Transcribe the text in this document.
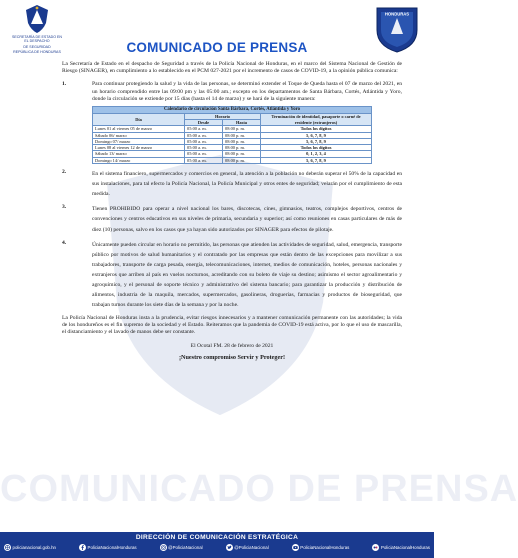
COMUNICADO DE PRENSA
SECRETARÍA DE ESTADO EN EL DESPACHO
DE SEGURIDAD
REPÚBLICA DE HONDURAS
HONDURAS
COMUNICADO DE PRENSA

La Secretaría de Estado en el despacho de Seguridad a través de la Policía Nacional de Honduras, en el marco del Sistema Nacional de Gestión de Riesgo (SINAGER), en cumplimiento a lo establecido en el PCM 027-2021 por el incremento de casos de COVID-19, a la opinión pública comunica:

1.	Para continuar protegiendo la salud y la vida de las personas, se determinó extender el Toque de Queda hasta el 07 de marzo del 2021, en un horario comprendido entre las 09:00 pm y las 05:00 am.; excepto en los departamentos de Santa Bárbara, Cortés, Atlántida y Yoro, donde la circulación se extiende por 15 días (hasta el 14 de marzo) y se hará de la siguiente manera:

Calendario de circulación Santa Bárbara, Cortés, Atlántida y Yoro			
Día	Horario		Terminación de identidad, pasaporte o carné de residente (extranjeros)
	Desde	Hasta	
Lunes 01 al viernes 05 de marzo	05:00 a. m.	08:00 p. m.	Todos los dígitos
Sábado 06/ marzo	05:00 a. m.	08:00 p. m.	5, 6, 7, 8, 9
Domingo 07/ marzo	05:00 a. m.	08:00 p. m.	5, 6, 7, 8, 9
Lunes 08 al viernes 12 de marzo	05:00 a. m.	08:00 p. m.	Todos los dígitos
Sábado 13/ marzo	05:00 a. m.	08:00 p. m.	0, 1, 2, 3, 4
Domingo 14/ marzo	05:00 a. m.	08:00 p. m.	5, 6, 7, 8, 9
2.	En el sistema financiero, supermercados y comercios en general, la atención a la población no deberán superar el 50% de la capacidad en sus instalaciones, para tal efecto la Policía Nacional, la Policía Municipal y otros entes de seguridad; velarán por el cumplimiento de esta medida.

3.	Tienen PROHIBIDO para operar a nivel nacional los bares, discotecas, cines, gimnasios, teatros, complejos deportivos, centros de convenciones y centros educativos en sus niveles de primaria, secundaria y superior; así como reuniones en casas particulares de más de diez (10) personas, salvo en los casos que ya hayan sido autorizados por SINAGER para efectos de pilotaje.

4.	Únicamente pueden circular en horario no permitido, las personas que atienden las actividades de seguridad, salud, emergencia, transporte público por motivos de salud humanitarios y el contratado por las empresas que están dentro de las excepciones para movilizar a sus trabajadores, transporte de carga pesada, energía, telecomunicaciones, internet, medios de comunicación, hoteles, personas nacionales y extranjeros que arriben al país en vuelos nocturnos, acreditando con su boleto de viaje su destino; asimismo el sector agroalimentario y agroquímico, y el personal de soporte técnico y administrativo del sistema bancario; para garantizar la producción y distribución de alimentos, industria de la maquila, mercados, supermercados, gasolineras, droguerías, farmacias y productos de bioseguridad, que trabajan turnos durante los siete días de la semana y por la noche.

La Policía Nacional de Honduras insta a la prudencia, evitar riesgos innecesarios y a mantener comunicación permanente con las autoridades; la vida de los hondureños es el fin supremo de la sociedad y el Estado. Reiteramos que la pandemia de COVID-19 está activa, por lo que el uso de mascarilla, el distanciamiento y el lavado de manos debe ser constante.

El Ocotal FM. 28 de febrero de 2021

¡Nuestro compromiso Servir y Proteger!

DIRECCIÓN DE COMUNICACIÓN ESTRATÉGICA
policianacional.gob.hn	PoliciaNacionalHonduras	@PoliciaNacional	@PoliciaNacional	PoliciaNacionalHonduras	PoliciaNacionalHonduras
